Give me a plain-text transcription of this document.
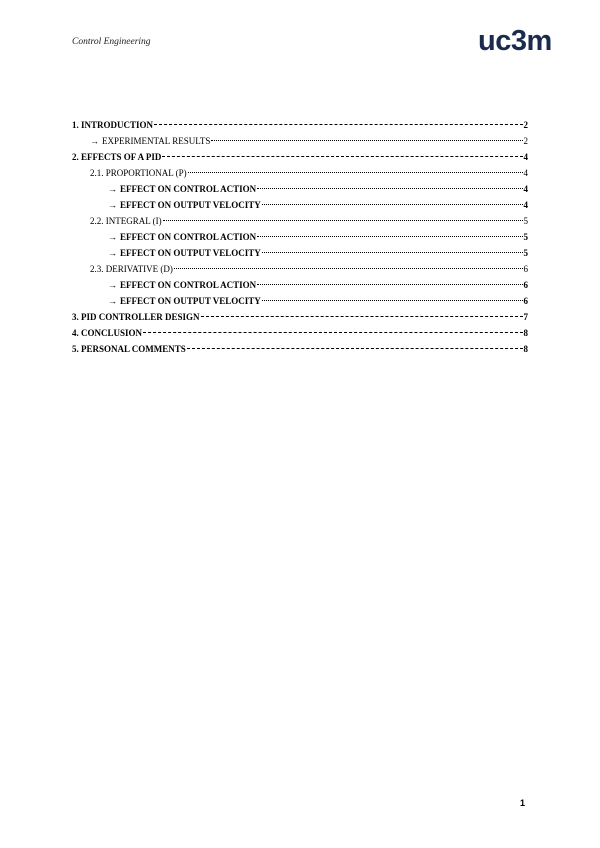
Control Engineering	uc3m
1. INTRODUCTION	2
→ EXPERIMENTAL RESULTS	2
2. EFFECTS OF A PID	4
2.1. PROPORTIONAL (P)	4
→ EFFECT ON CONTROL ACTION	4
→ EFFECT ON OUTPUT VELOCITY	4
2.2. INTEGRAL (I)	5
→ EFFECT ON CONTROL ACTION	5
→ EFFECT ON OUTPUT VELOCITY	5
2.3. DERIVATIVE (D)	6
→ EFFECT ON CONTROL ACTION	6
→ EFFECT ON OUTPUT VELOCITY	6
3. PID CONTROLLER DESIGN	7
4. CONCLUSION	8
5. PERSONAL COMMENTS	8
1
